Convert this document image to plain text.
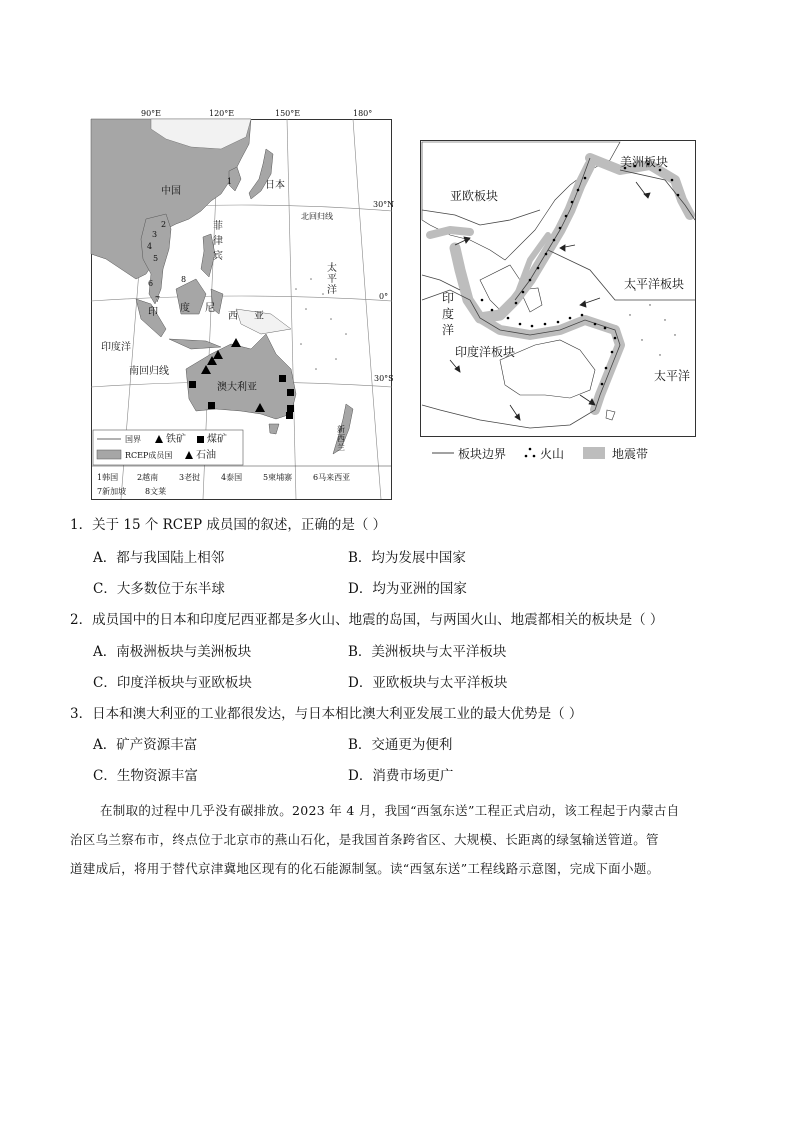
中国
日本
北回归线
菲
律
宾
太
平
洋
印 度 尼
西 亚
印度洋
南回归线
澳大利亚
新
西
兰
30°N
0°
30°S
1
2
3
4
5
6
7
8
国界	铁矿 煤矿
RCEP成员国 石油
1韩国 2越南	3老挝	4泰国	5柬埔寨	6马来西亚
7新加坡 8文莱
90°E	120°E	150°E	180°
美洲板块
亚欧板块
太平洋板块
印
度
洋
印度洋板块
太平洋
板块边界	火山	地震带
1．关于 15 个 RCEP 成员国的叙述，正确的是（ ）
A．都与我国陆上相邻	B．均为发展中国家
C．大多数位于东半球	D．均为亚洲的国家
2．成员国中的日本和印度尼西亚都是多火山、地震的岛国，与两国火山、地震都相关的板块是（ ）
A．南极洲板块与美洲板块	B．美洲板块与太平洋板块
C．印度洋板块与亚欧板块	D．亚欧板块与太平洋板块
3．日本和澳大利亚的工业都很发达，与日本相比澳大利亚发展工业的最大优势是（ ）
A．矿产资源丰富	B．交通更为便利
C．生物资源丰富	D．消费市场更广
在制取的过程中几乎没有碳排放。2023 年 4 月，我国“西氢东送”工程正式启动，该工程起于内蒙古自
治区乌兰察布市，终点位于北京市的燕山石化，是我国首条跨省区、大规模、长距离的绿氢输送管道。管
道建成后，将用于替代京津冀地区现有的化石能源制氢。读“西氢东送”工程线路示意图，完成下面小题。
